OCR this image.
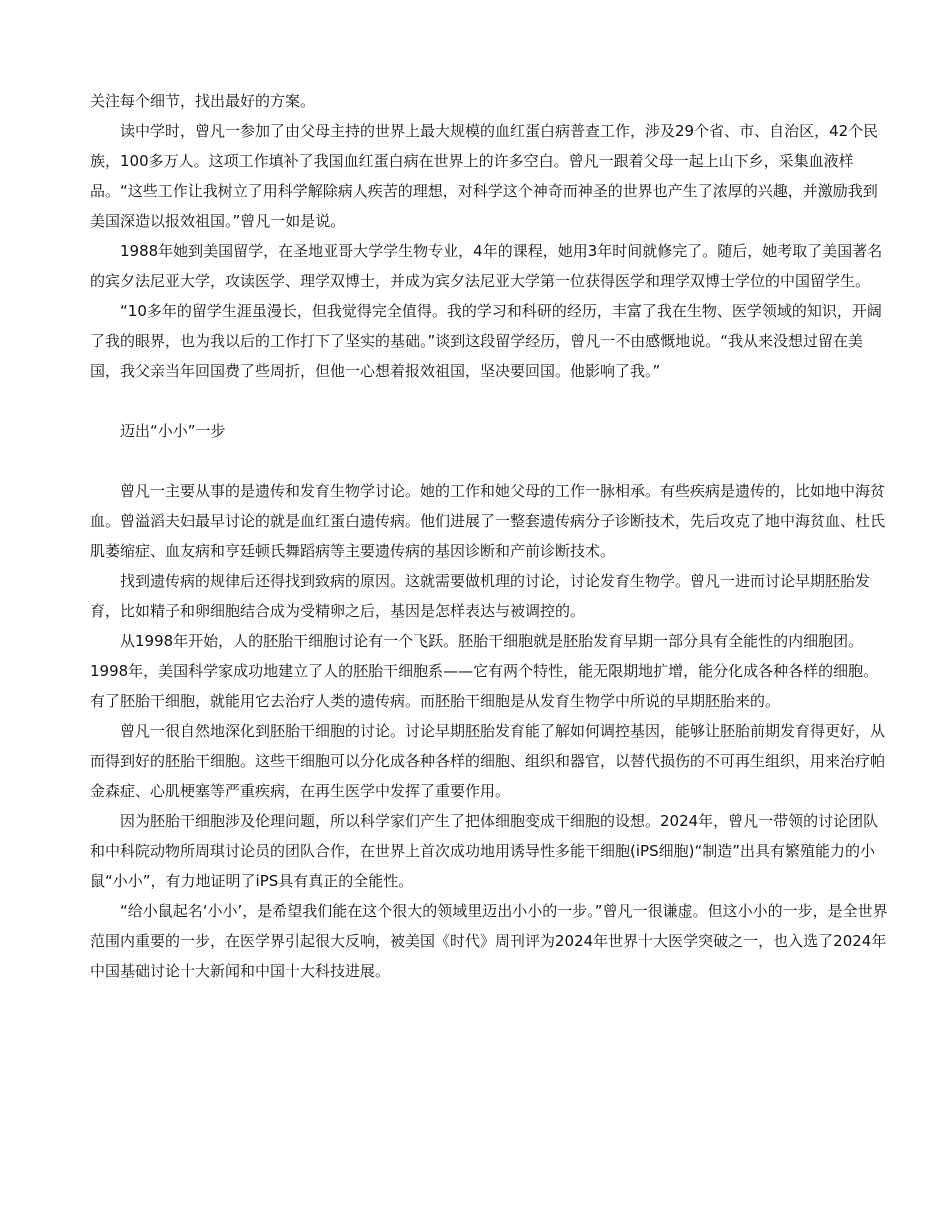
关注每个细节，找出最好的方案。

读中学时，曾凡一参加了由父母主持的世界上最大规模的血红蛋白病普查工作，涉及29个省、市、自治区，42个民族，100多万人。这项工作填补了我国血红蛋白病在世界上的许多空白。曾凡一跟着父母一起上山下乡，采集血液样品。“这些工作让我树立了用科学解除病人疾苦的理想，对科学这个神奇而神圣的世界也产生了浓厚的兴趣，并激励我到美国深造以报效祖国。”曾凡一如是说。

1988年她到美国留学，在圣地亚哥大学学生物专业，4年的课程，她用3年时间就修完了。随后，她考取了美国著名的宾夕法尼亚大学，攻读医学、理学双博士，并成为宾夕法尼亚大学第一位获得医学和理学双博士学位的中国留学生。

“10多年的留学生涯虽漫长，但我觉得完全值得。我的学习和科研的经历，丰富了我在生物、医学领域的知识，开阔了我的眼界，也为我以后的工作打下了坚实的基础。”谈到这段留学经历，曾凡一不由感慨地说。“我从来没想过留在美国，我父亲当年回国费了些周折，但他一心想着报效祖国，坚决要回国。他影响了我。”

迈出“小小”一步

曾凡一主要从事的是遗传和发育生物学讨论。她的工作和她父母的工作一脉相承。有些疾病是遗传的，比如地中海贫血。曾溢滔夫妇最早讨论的就是血红蛋白遗传病。他们进展了一整套遗传病分子诊断技术，先后攻克了地中海贫血、杜氏肌萎缩症、血友病和亨廷顿氏舞蹈病等主要遗传病的基因诊断和产前诊断技术。

找到遗传病的规律后还得找到致病的原因。这就需要做机理的讨论，讨论发育生物学。曾凡一进而讨论早期胚胎发育，比如精子和卵细胞结合成为受精卵之后，基因是怎样表达与被调控的。

从1998年开始，人的胚胎干细胞讨论有一个飞跃。胚胎干细胞就是胚胎发育早期一部分具有全能性的内细胞团。1998年，美国科学家成功地建立了人的胚胎干细胞系——它有两个特性，能无限期地扩增，能分化成各种各样的细胞。有了胚胎干细胞，就能用它去治疗人类的遗传病。而胚胎干细胞是从发育生物学中所说的早期胚胎来的。

曾凡一很自然地深化到胚胎干细胞的讨论。讨论早期胚胎发育能了解如何调控基因，能够让胚胎前期发育得更好，从而得到好的胚胎干细胞。这些干细胞可以分化成各种各样的细胞、组织和器官，以替代损伤的不可再生组织，用来治疗帕金森症、心肌梗塞等严重疾病，在再生医学中发挥了重要作用。

因为胚胎干细胞涉及伦理问题，所以科学家们产生了把体细胞变成干细胞的设想。2024年，曾凡一带领的讨论团队和中科院动物所周琪讨论员的团队合作，在世界上首次成功地用诱导性多能干细胞(iPS细胞)“制造”出具有繁殖能力的小鼠“小小”，有力地证明了iPS具有真正的全能性。

“给小鼠起名‘小小’，是希望我们能在这个很大的领域里迈出小小的一步。”曾凡一很谦虚。但这小小的一步，是全世界范围内重要的一步，在医学界引起很大反响，被美国《时代》周刊评为2024年世界十大医学突破之一，也入选了2024年中国基础讨论十大新闻和中国十大科技进展。
